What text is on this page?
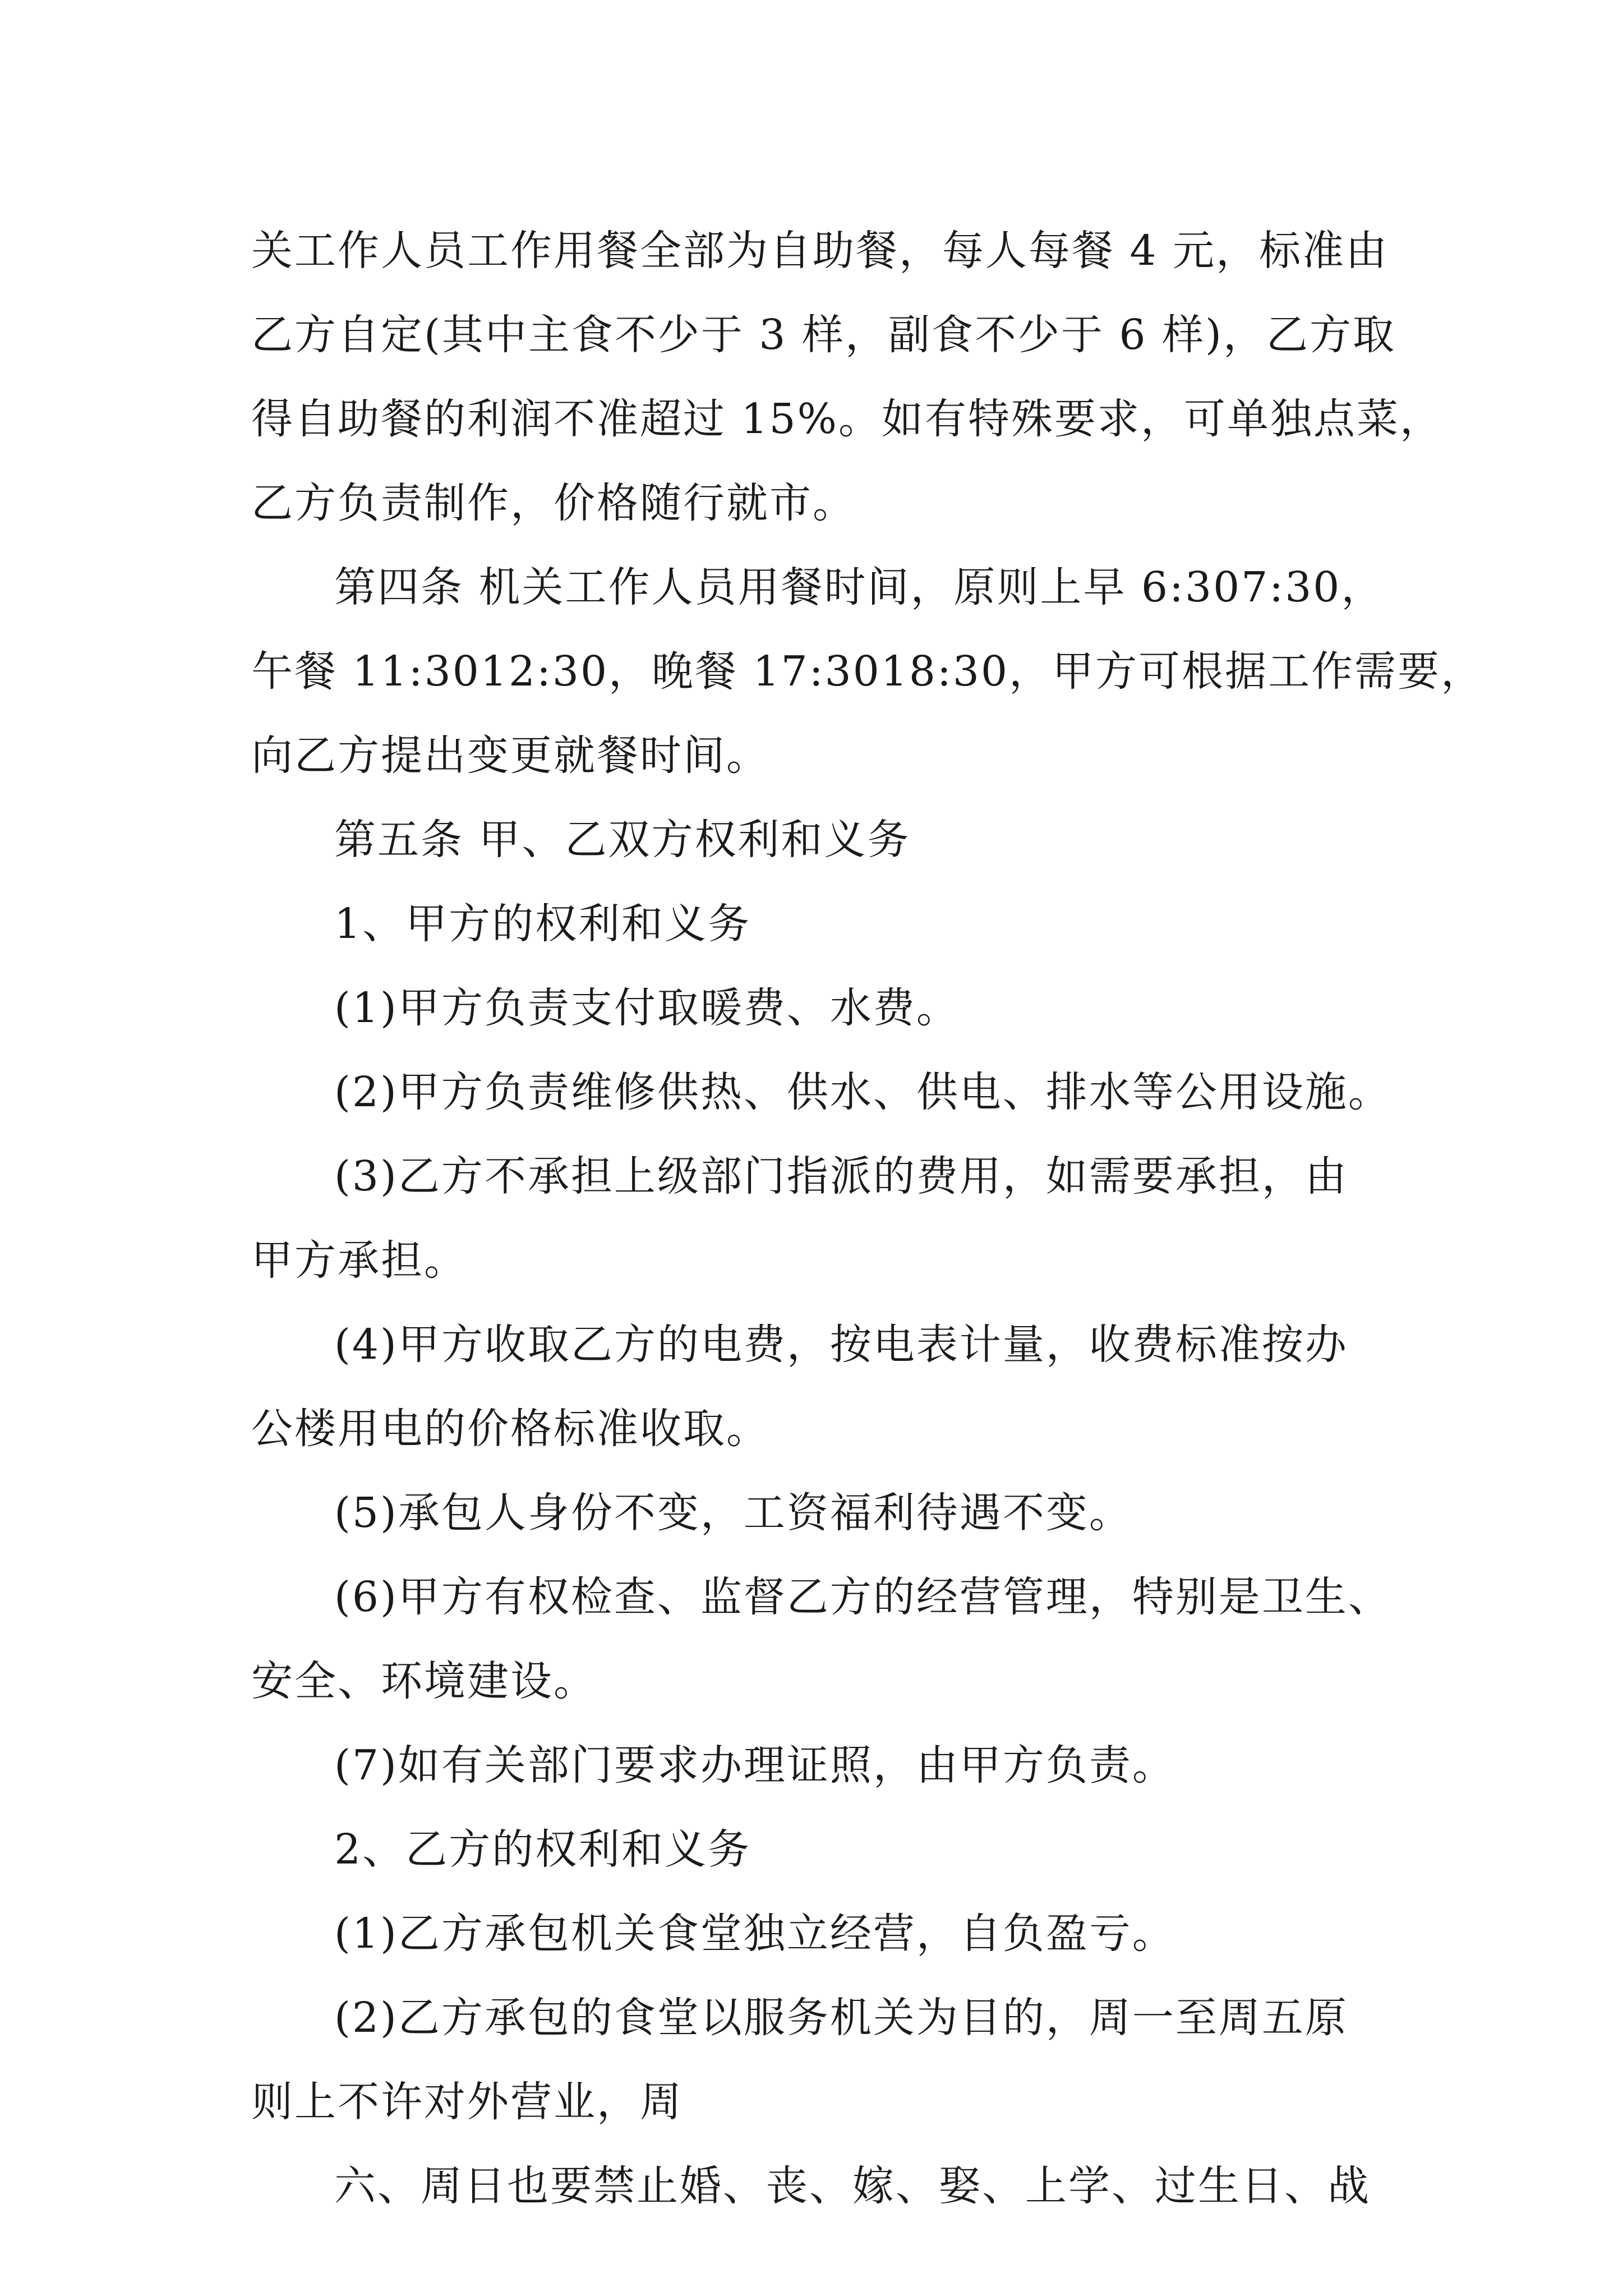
关工作人员工作用餐全部为自助餐，每人每餐 4 元，标准由
乙方自定(其中主食不少于 3 样，副食不少于 6 样)，乙方取
得自助餐的利润不准超过 15%。如有特殊要求，可单独点菜，
乙方负责制作，价格随行就市。
第四条 机关工作人员用餐时间，原则上早 6:307:30，
午餐 11:3012:30，晚餐 17:3018:30，甲方可根据工作需要，
向乙方提出变更就餐时间。
第五条 甲、乙双方权利和义务
1、甲方的权利和义务
(1)甲方负责支付取暖费、水费。
(2)甲方负责维修供热、供水、供电、排水等公用设施。
(3)乙方不承担上级部门指派的费用，如需要承担，由
甲方承担。
(4)甲方收取乙方的电费，按电表计量，收费标准按办
公楼用电的价格标准收取。
(5)承包人身份不变，工资福利待遇不变。
(6)甲方有权检查、监督乙方的经营管理，特别是卫生、
安全、环境建设。
(7)如有关部门要求办理证照，由甲方负责。
2、乙方的权利和义务
(1)乙方承包机关食堂独立经营，自负盈亏。
(2)乙方承包的食堂以服务机关为目的，周一至周五原
则上不许对外营业，周
六、周日也要禁止婚、丧、嫁、娶、上学、过生日、战
